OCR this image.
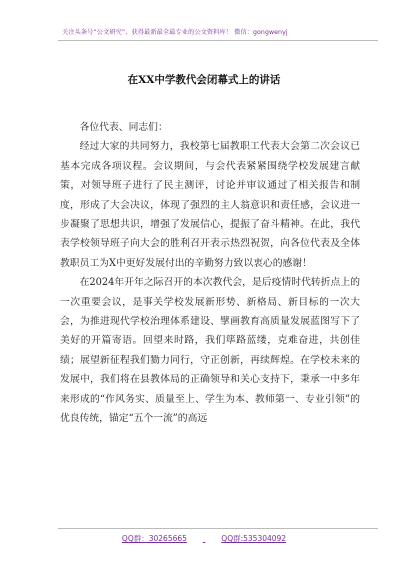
关注头条号“公文研究”，获得最新最全最专业的公文资料库！ 微信：gongwenyj
在XX中学教代会闭幕式上的讲话

各位代表、同志们：

经过大家的共同努力，我校第七届教职工代表大会第二次会议已基本完成各项议程。会议期间，与会代表紧紧围绕学校发展建言献策，对领导班子进行了民主测评，讨论并审议通过了相关报告和制度，形成了大会决议，体现了强烈的主人翁意识和责任感，会议进一步凝聚了思想共识，增强了发展信心，提振了奋斗精神。在此，我代表学校领导班子向大会的胜利召开表示热烈祝贺，向各位代表及全体教职员工为X中更好发展付出的辛勤努力致以衷心的感谢！

在2024年开年之际召开的本次教代会，是后疫情时代转折点上的一次重要会议，是事关学校发展新形势、新格局、新目标的一次大会，为推进现代学校治理体系建设、擘画教育高质量发展蓝图写下了美好的开篇寄语。回望来时路，我们筚路蓝缕，克难奋进，共创佳绩；展望新征程我们勠力同行，守正创新，再续辉煌。在学校未来的发展中，我们将在县教体局的正确领导和关心支持下，秉承一中多年来形成的“作风务实、质量至上、学生为本、教师第一、专业引领”的优良传统，锚定“五个一流”的高远

QQ群：30265665	QQ群:535304092
